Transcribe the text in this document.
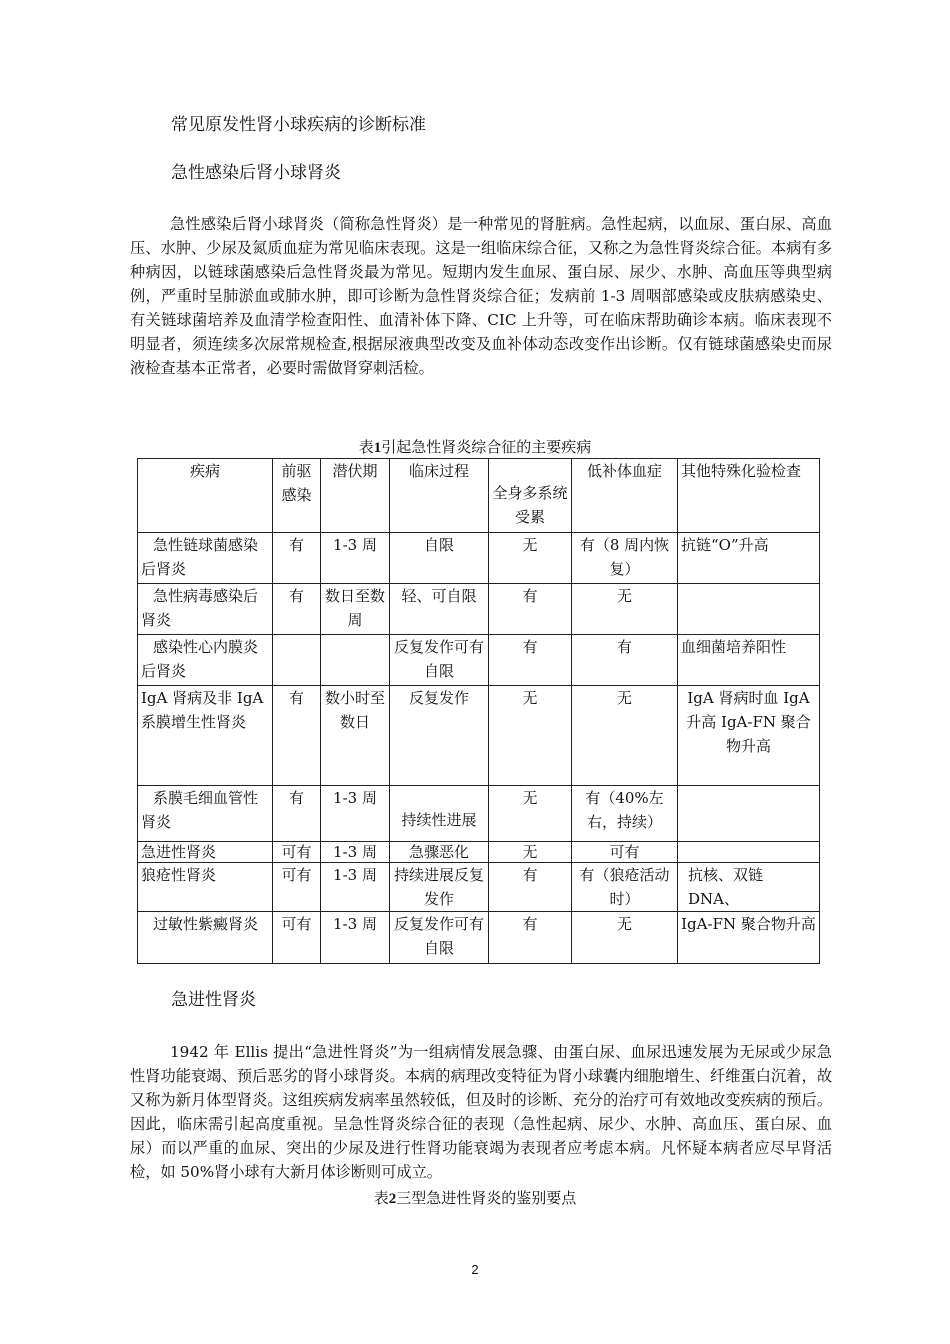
常见原发性肾小球疾病的诊断标准
急性感染后肾小球肾炎
急性感染后肾小球肾炎（简称急性肾炎）是一种常见的肾脏病。急性起病，以血尿、蛋白尿、高血压、水肿、少尿及氮质血症为常见临床表现。这是一组临床综合征，又称之为急性肾炎综合征。本病有多种病因，以链球菌感染后急性肾炎最为常见。短期内发生血尿、蛋白尿、尿少、水肿、高血压等典型病例，严重时呈肺淤血或肺水肿，即可诊断为急性肾炎综合征；发病前 1-3 周咽部感染或皮肤病感染史、有关链球菌培养及血清学检查阳性、血清补体下降、CIC 上升等，可在临床帮助确诊本病。临床表现不明显者，须连续多次尿常规检查,根据尿液典型改变及血补体动态改变作出诊断。仅有链球菌感染史而尿液检查基本正常者，必要时需做肾穿刺活检。
表1引起急性肾炎综合征的主要疾病
疾病	前驱感染	潜伏期	临床过程	全身多系统受累	低补体血症	其他特殊化验检查
急性链球菌感染后肾炎	有	1-3 周	自限	无	有（8 周内恢复）	抗链“O”升高
急性病毒感染后肾炎	有	数日至数周	轻、可自限	有	无	
感染性心内膜炎后肾炎			反复发作可有自限	有	有	血细菌培养阳性
IgA 肾病及非 IgA 系膜增生性肾炎	有	数小时至数日	反复发作	无	无	IgA 肾病时血 IgA 升高 IgA-FN 聚合物升高
系膜毛细血管性肾炎	有	1-3 周	持续性进展	无	有（40%左右，持续）	
急进性肾炎	可有	1-3 周	急骤恶化	无	可有	
狼疮性肾炎	可有	1-3 周	持续进展反复发作	有	有（狼疮活动时）	抗核、双链 DNA、
过敏性紫癜肾炎	可有	1-3 周	反复发作可有自限	有	无	IgA-FN 聚合物升高
急进性肾炎
1942 年 Ellis 提出“急进性肾炎”为一组病情发展急骤、由蛋白尿、血尿迅速发展为无尿或少尿急性肾功能衰竭、预后恶劣的肾小球肾炎。本病的病理改变特征为肾小球囊内细胞增生、纤维蛋白沉着，故又称为新月体型肾炎。这组疾病发病率虽然较低，但及时的诊断、充分的治疗可有效地改变疾病的预后。因此，临床需引起高度重视。呈急性肾炎综合征的表现（急性起病、尿少、水肿、高血压、蛋白尿、血尿）而以严重的血尿、突出的少尿及进行性肾功能衰竭为表现者应考虑本病。凡怀疑本病者应尽早肾活检，如 50%肾小球有大新月体诊断则可成立。
表2三型急进性肾炎的鉴别要点
2
